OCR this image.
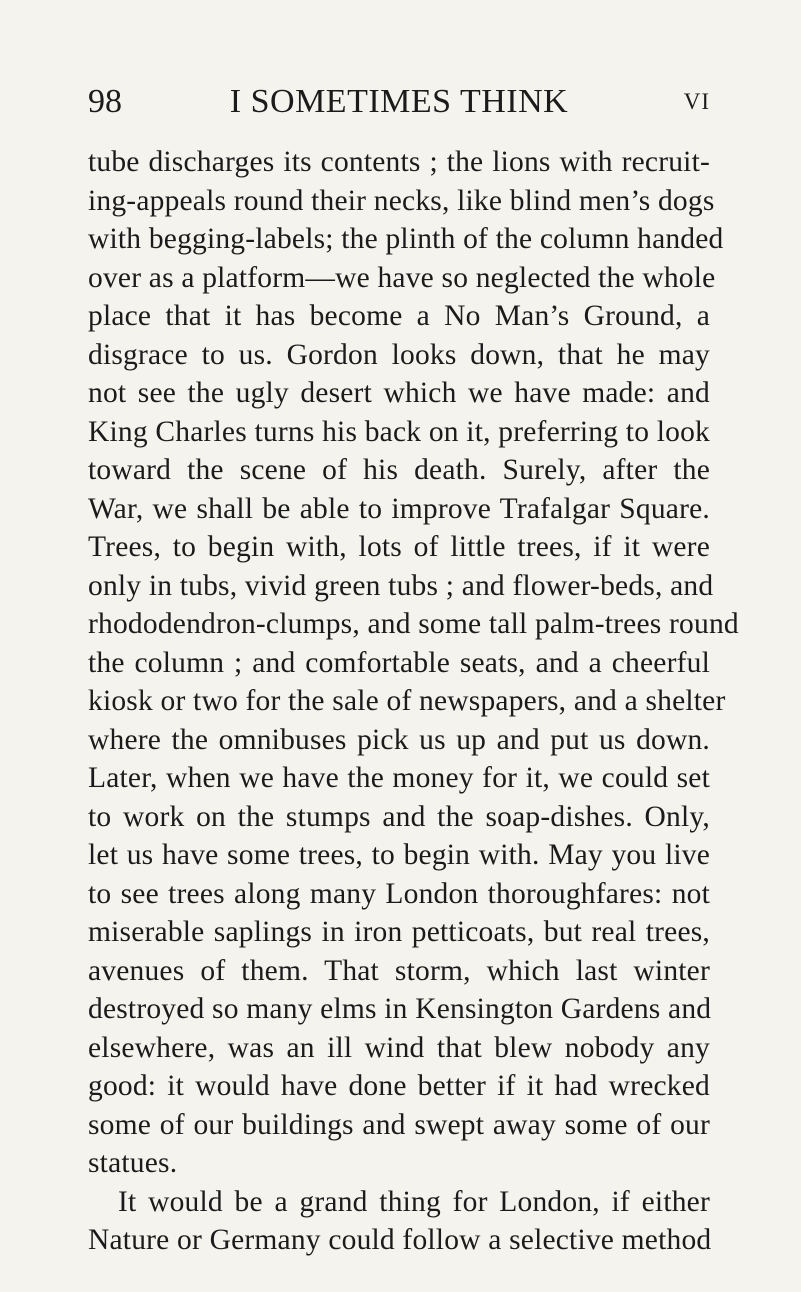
98	I SOMETIMES THINK	VI
tube discharges its contents ; the lions with recruit-
ing-appeals round their necks, like blind men’s dogs
with begging-labels; the plinth of the column handed
over as a platform—we have so neglected the whole
place that it has become a No Man’s Ground, a
disgrace to us. Gordon looks down, that he may
not see the ugly desert which we have made: and
King Charles turns his back on it, preferring to look
toward the scene of his death. Surely, after the
War, we shall be able to improve Trafalgar Square.
Trees, to begin with, lots of little trees, if it were
only in tubs, vivid green tubs ; and flower-beds, and
rhododendron-clumps, and some tall palm-trees round
the column ; and comfortable seats, and a cheerful
kiosk or two for the sale of newspapers, and a shelter
where the omnibuses pick us up and put us down.
Later, when we have the money for it, we could set
to work on the stumps and the soap-dishes. Only,
let us have some trees, to begin with. May you live
to see trees along many London thoroughfares: not
miserable saplings in iron petticoats, but real trees,
avenues of them. That storm, which last winter
destroyed so many elms in Kensington Gardens and
elsewhere, was an ill wind that blew nobody any
good: it would have done better if it had wrecked
some of our buildings and swept away some of our
statues.
It would be a grand thing for London, if either
Nature or Germany could follow a selective method
